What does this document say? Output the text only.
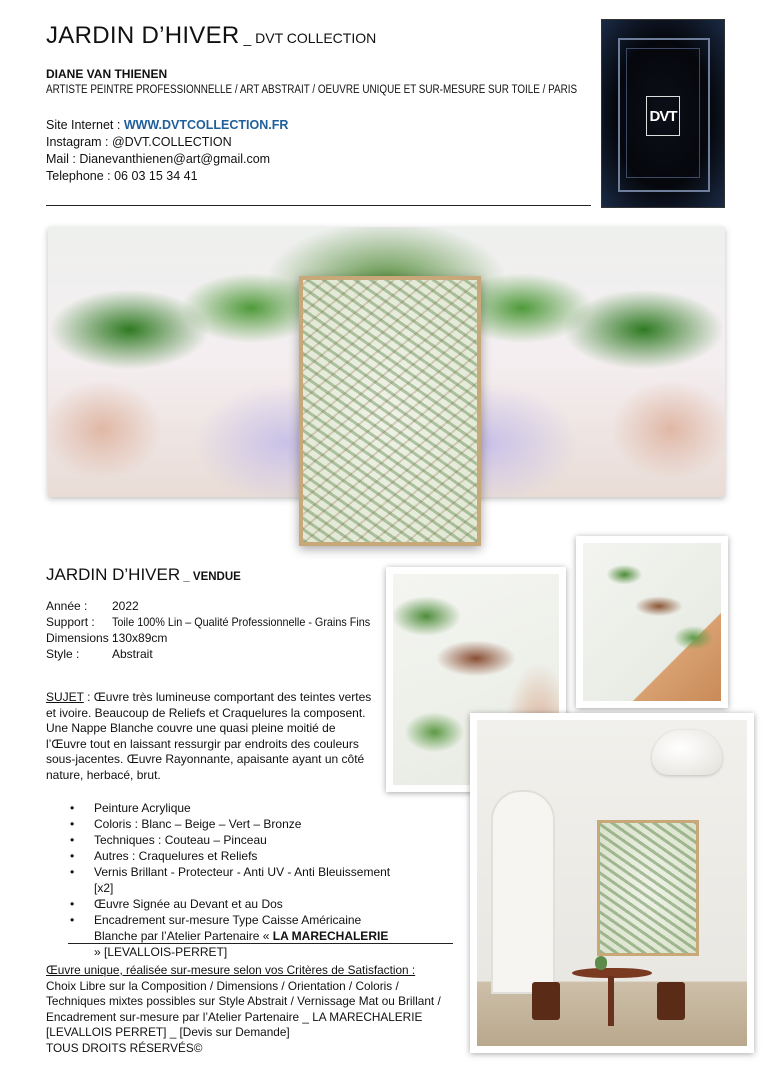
JARDIN D’HIVER _ DVT COLLECTION
DIANE VAN THIENEN
ARTISTE PEINTRE PROFESSIONNELLE / ART ABSTRAIT / OEUVRE UNIQUE ET SUR-MESURE SUR TOILE / PARIS
Site Internet : WWW.DVTCOLLECTION.FR
Instagram : @DVT.COLLECTION
Mail : Dianevanthienen@art@gmail.com
Telephone : 06 03 15 34 41
DVT
JARDIN D’HIVER _ VENDUE
Année : 2022
Support : Toile 100% Lin – Qualité Professionnelle - Grains Fins
Dimensions :
130x89cm
Style :	Abstrait
SUJET : Œuvre très lumineuse comportant des teintes vertes et ivoire. Beaucoup de Reliefs et Craquelures la composent. Une Nappe Blanche couvre une quasi pleine moitié de l’Œuvre tout en laissant ressurgir par endroits des couleurs sous-jacentes. Œuvre Rayonnante, apaisante ayant un côté nature, herbacé, brut.
• Peinture Acrylique
• Coloris : Blanc – Beige – Vert – Bronze
• Techniques : Couteau – Pinceau
• Autres : Craquelures et Reliefs
• Vernis Brillant - Protecteur - Anti UV - Anti Bleuissement [x2]
• Œuvre Signée au Devant et au Dos
• Encadrement sur-mesure Type Caisse Américaine Blanche par l’Atelier Partenaire « LA MARECHALERIE » [LEVALLOIS-PERRET]
Œuvre unique, réalisée sur-mesure selon vos Critères de Satisfaction :
Choix Libre sur la Composition / Dimensions / Orientation / Coloris / Techniques mixtes possibles sur Style Abstrait / Vernissage Mat ou Brillant / Encadrement sur-mesure par l’Atelier Partenaire _ LA MARECHALERIE [LEVALLOIS PERRET] _ [Devis sur Demande]
TOUS DROITS RÉSERVÉS©
